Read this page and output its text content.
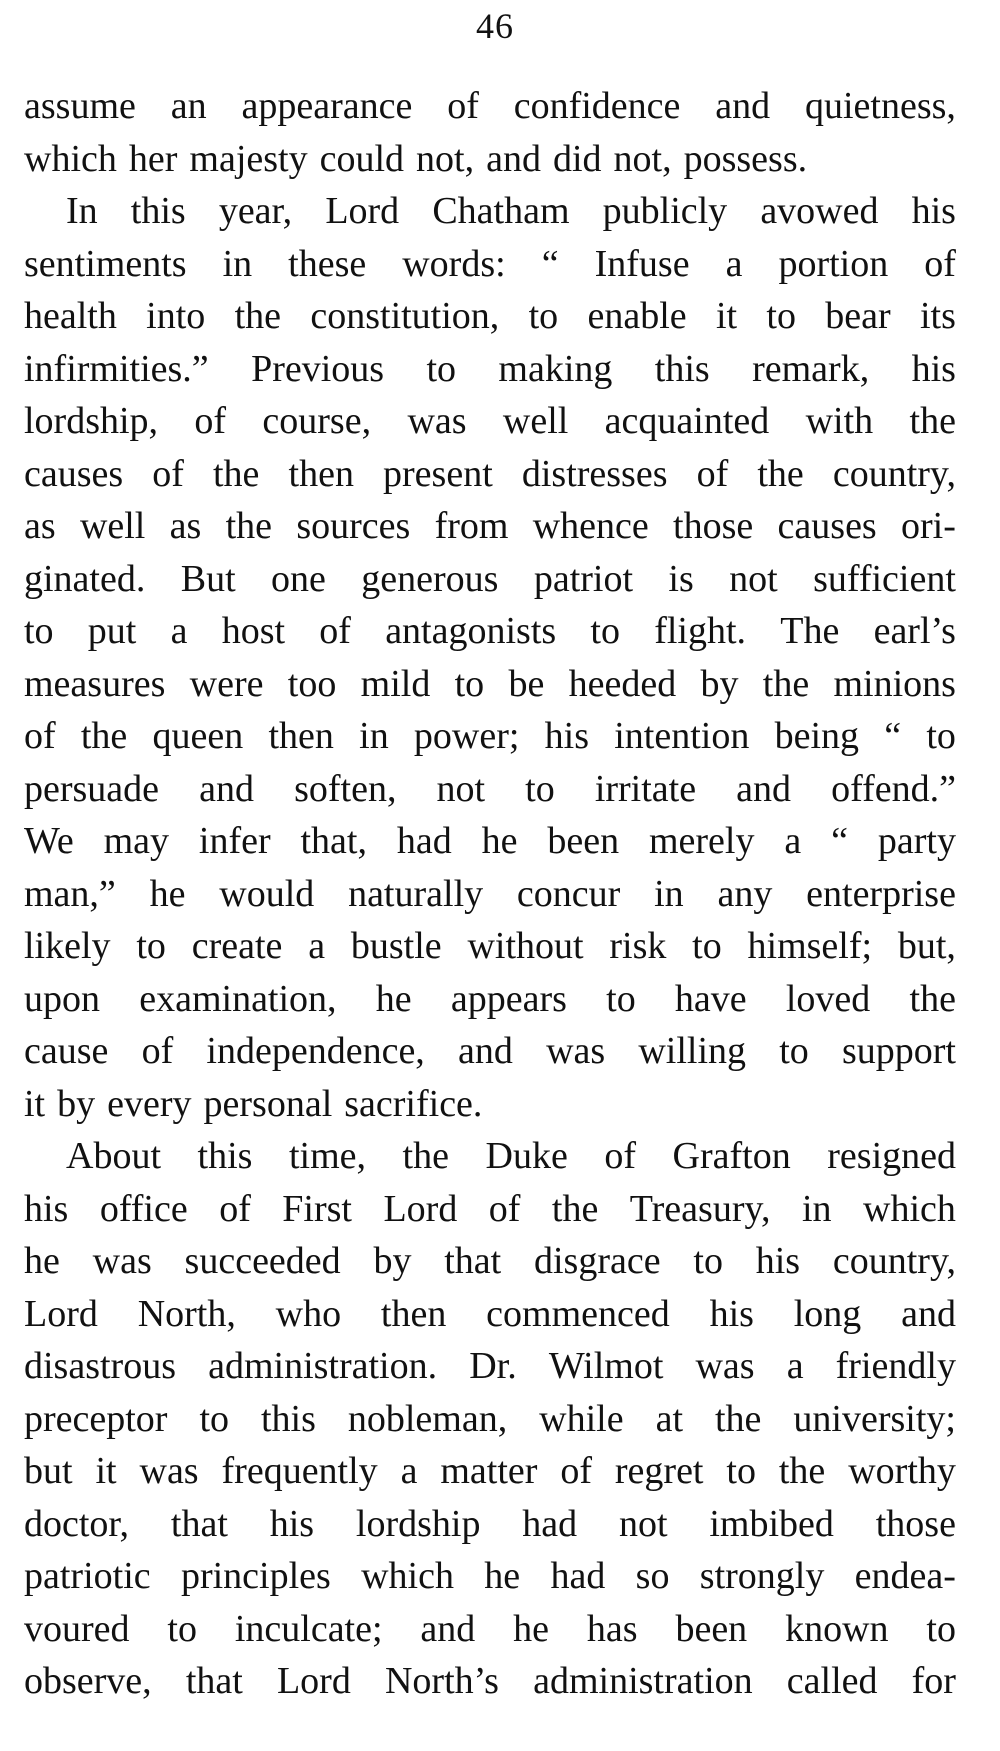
46
assume an appearance of confidence and quietness,
which her majesty could not, and did not, possess.
In this year, Lord Chatham publicly avowed his
sentiments in these words: “ Infuse a portion of
health into the constitution, to enable it to bear its
infirmities.” Previous to making this remark, his
lordship, of course, was well acquainted with the
causes of the then present distresses of the country,
as well as the sources from whence those causes ori-
ginated. But one generous patriot is not sufficient
to put a host of antagonists to flight. The earl’s
measures were too mild to be heeded by the minions
of the queen then in power; his intention being “ to
persuade and soften, not to irritate and offend.”
We may infer that, had he been merely a “ party
man,” he would naturally concur in any enterprise
likely to create a bustle without risk to himself; but,
upon examination, he appears to have loved the
cause of independence, and was willing to support
it by every personal sacrifice.
About this time, the Duke of Grafton resigned
his office of First Lord of the Treasury, in which
he was succeeded by that disgrace to his country,
Lord North, who then commenced his long and
disastrous administration. Dr. Wilmot was a friendly
preceptor to this nobleman, while at the university;
but it was frequently a matter of regret to the worthy
doctor, that his lordship had not imbibed those
patriotic principles which he had so strongly endea-
voured to inculcate; and he has been known to
observe, that Lord North’s administration called for
